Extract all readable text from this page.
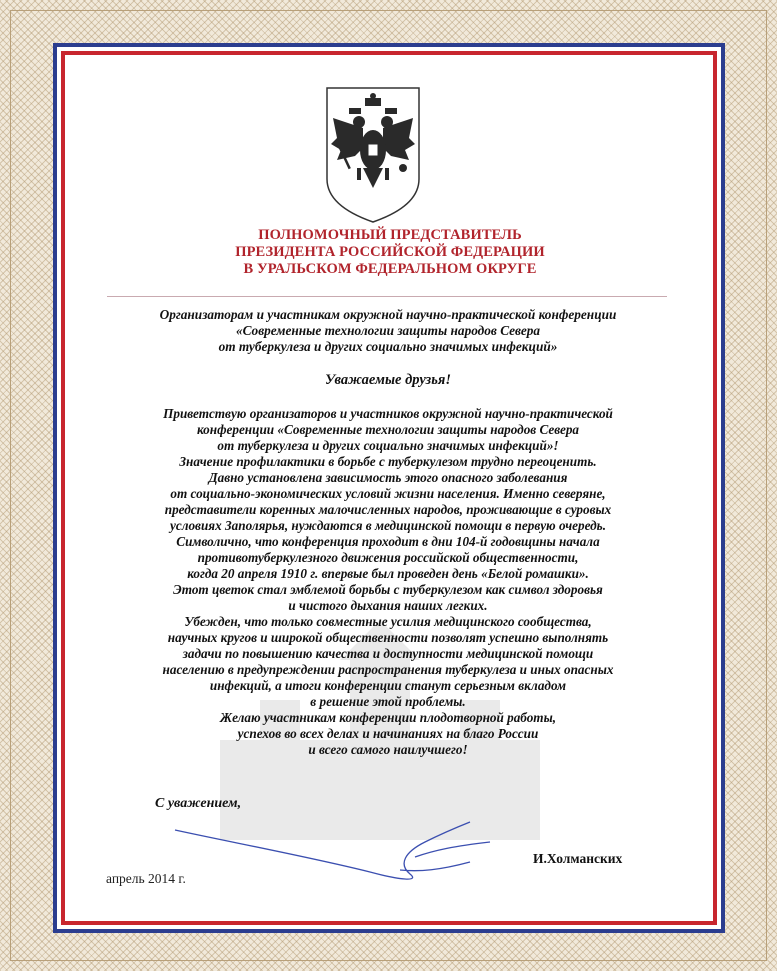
ПОЛНОМОЧНЫЙ ПРЕДСТАВИТЕЛЬ

ПРЕЗИДЕНТА РОССИЙСКОЙ ФЕДЕРАЦИИ

В УРАЛЬСКОМ ФЕДЕРАЛЬНОМ ОКРУГЕ

Организаторам и участникам окружной научно-практической конференции

«Современные технологии защиты народов Севера

от туберкулеза и других социально значимых инфекций»

Уважаемые друзья!

Приветствую организаторов и участников окружной научно-практической

конференции «Современные технологии защиты народов Севера

от туберкулеза и других социально значимых инфекций»!

Значение профилактики в борьбе с туберкулезом трудно переоценить.

Давно установлена зависимость этого опасного заболевания

от социально-экономических условий жизни населения. Именно северяне,

представители коренных малочисленных народов, проживающие в суровых

условиях Заполярья, нуждаются в медицинской помощи в первую очередь.

Символично, что конференция проходит в дни 104-й годовщины начала

противотуберкулезного движения российской общественности,

когда 20 апреля 1910 г. впервые был проведен день «Белой ромашки».

Этот цветок стал эмблемой борьбы с туберкулезом как символ здоровья

и чистого дыхания наших легких.

Убежден, что только совместные усилия медицинского сообщества,

научных кругов и широкой общественности позволят успешно выполнять

задачи по повышению качества и доступности медицинской помощи

населению в предупреждении распространения туберкулеза и иных опасных

инфекций, а итоги конференции станут серьезным вкладом

в решение этой проблемы.

Желаю участникам конференции плодотворной работы,

успехов во всех делах и начинаниях на благо России

и всего самого наилучшего!

С уважением,
И.Холманских
апрель 2014 г.
